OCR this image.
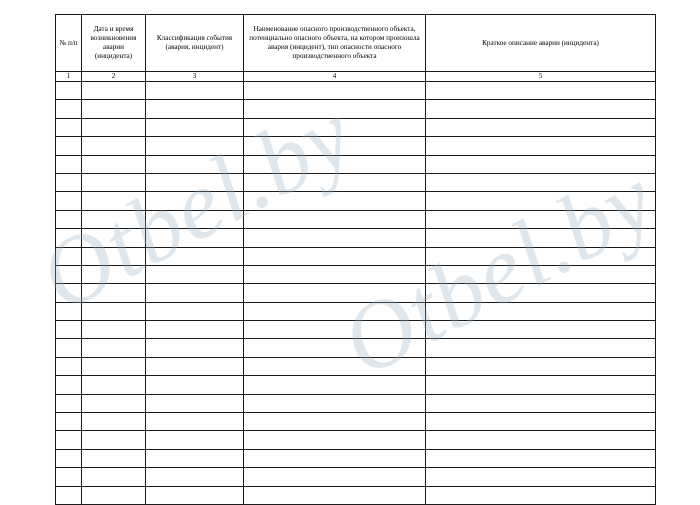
Otbel.by
Otbel.by
№ п/п	Дата и время возникновения аварии (инцидента)	Классификация события (авария, инцидент)	Наименование опасного производственного объекта, потенциально опасного объекта, на котором произошла авария (инцидент), тип опасности опасного производственного объекта	Краткое описание аварии (инцидента)
1	2	3	4	5
